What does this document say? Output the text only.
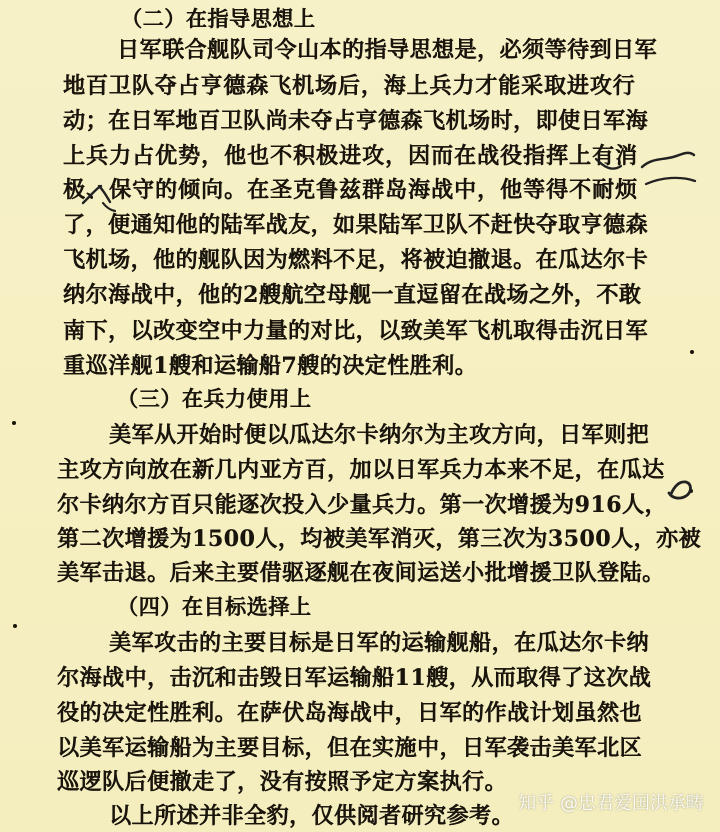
（二）在指导思想上
日军联合舰队司令山本的指导思想是，必须等待到日军
地百卫队夺占亨德森飞机场后，海上兵力才能采取进攻行
动；在日军地百卫队尚未夺占亨德森飞机场时，即使日军海
上兵力占优势，他也不积极进攻，因而在战役指挥上有消
极、保守的倾向。在圣克鲁兹群岛海战中，他等得不耐烦
了，便通知他的陆军战友，如果陆军卫队不赶快夺取亨德森
飞机场，他的舰队因为燃料不足，将被迫撤退。在瓜达尔卡
纳尔海战中，他的2艘航空母舰一直逗留在战场之外，不敢
南下，以改变空中力量的对比，以致美军飞机取得击沉日军
重巡洋舰1艘和运输船7艘的决定性胜利。
（三）在兵力使用上
美军从开始时便以瓜达尔卡纳尔为主攻方向，日军则把
主攻方向放在新几内亚方百，加以日军兵力本来不足，在瓜达
尔卡纳尔方百只能逐次投入少量兵力。第一次增援为916人，
第二次增援为1500人，均被美军消灭，第三次为3500人，亦被
美军击退。后来主要借驱逐舰在夜间运送小批增援卫队登陆。
（四）在目标选择上
美军攻击的主要目标是日军的运输舰船，在瓜达尔卡纳
尔海战中，击沉和击毁日军运输船11艘，从而取得了这次战
役的决定性胜利。在萨伏岛海战中，日军的作战计划虽然也
以美军运输船为主要目标，但在实施中，日军袭击美军北区
巡逻队后便撤走了，没有按照予定方案执行。
以上所述并非全豹，仅供阅者研究参考。 知乎 @忠君爱国洪承畴
